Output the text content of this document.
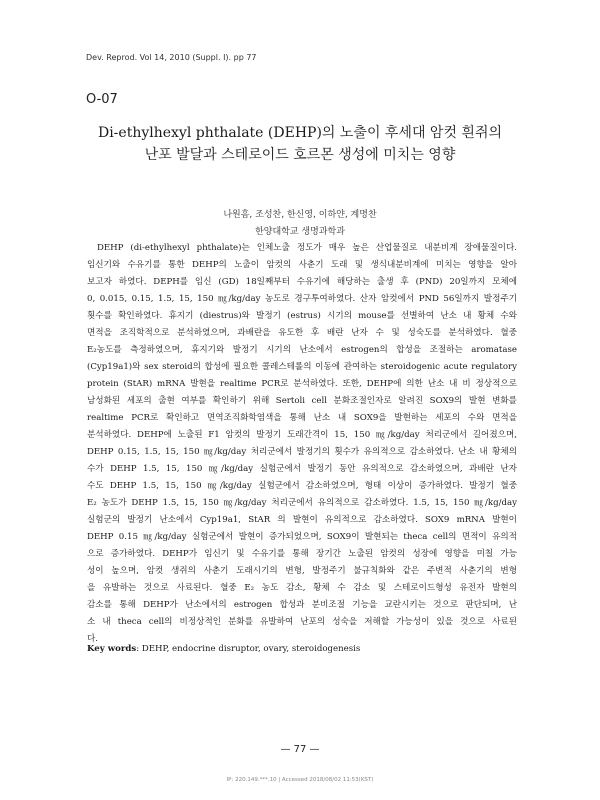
Dev. Reprod. Vol 14, 2010 (Suppl. I). pp 77
O-07
Di-ethylhexyl phthalate (DEHP)의 노출이 후세대 암컷 흰쥐의
난포 발달과 스테로이드 호르몬 생성에 미치는 영향
나원흠, 조성찬, 한신영, 이하얀, 계명찬
한양대학교 생명과학과
DEHP (di-ethylhexyl phthalate)는 인체노출 정도가 매우 높은 산업물질로 내분비계 장애물질이다.
임신기와 수유기를 통한 DEHP의 노출이 암컷의 사춘기 도래 및 생식내분비계에 미치는 영향을 알아
보고자 하였다. DEPH를 임신 (GD) 18일째부터 수유기에 해당하는 출생 후 (PND) 20일까지 모체에
0, 0.015, 0.15, 1.5, 15, 150 ㎎/kg/day 농도로 경구투여하였다. 산자 암컷에서 PND 56일까지 발정주기
횟수를 확인하였다. 휴지기 (diestrus)와 발정기 (estrus) 시기의 mouse를 선별하여 난소 내 황체 수와
면적을 조직학적으로 분석하였으며, 과배란을 유도한 후 배란 난자 수 및 성숙도를 분석하였다. 혈중
E₂농도를 측정하였으며, 휴지기와 발정기 시기의 난소에서 estrogen의 합성을 조절하는 aromatase
(Cyp19a1)와 sex steroid의 합성에 필요한 콜레스테롤의 이동에 관여하는 steroidogenic acute regulatory
protein (StAR) mRNA 발현을 realtime PCR로 분석하였다. 또한, DEHP에 의한 난소 내 비 정상적으로
남성화된 세포의 출현 여부를 확인하기 위해 Sertoli cell 분화조절인자로 알려진 SOX9의 발현 변화를
realtime PCR로 확인하고 면역조직화학염색을 통해 난소 내 SOX9을 발현하는 세포의 수와 면적을
분석하였다. DEHP에 노출된 F1 암컷의 발정기 도래간격이 15, 150 ㎎/kg/day 처리군에서 길어졌으며,
DEHP 0.15, 1.5, 15, 150 ㎎/kg/day 처리군에서 발정기의 횟수가 유의적으로 감소하였다. 난소 내 황체의
수가 DEHP 1.5, 15, 150 ㎎/kg/day 실험군에서 발정기 동안 유의적으로 감소하였으며, 과배란 난자
수도 DEHP 1.5, 15, 150 ㎎/kg/day 실험군에서 감소하였으며, 형태 이상이 증가하였다. 발정기 혈중
E₂ 농도가 DEHP 1.5, 15, 150 ㎎/kg/day 처리군에서 유의적으로 감소하였다. 1.5, 15, 150 ㎎/kg/day
실험군의 발정기 난소에서 Cyp19a1, StAR 의 발현이 유의적으로 감소하였다. SOX9 mRNA 발현이
DEHP 0.15 ㎎/kg/day 실험군에서 발현이 증가되었으며, SOX9이 발현되는 theca cell의 면적이 유의적
으로 증가하였다. DEHP가 임신기 및 수유기를 통해 장기간 노출된 암컷의 성장에 영향을 미칠 가능
성이 높으며, 암컷 생쥐의 사춘기 도래시기의 변형, 발정주기 불규칙화와 같은 주변적 사춘기의 변형
을 유발하는 것으로 사료된다. 혈중 E₂ 농도 감소, 황체 수 감소 및 스테로이드형성 유전자 발현의
감소를 통해 DEHP가 난소에서의 estrogen 합성과 분비조절 기능을 교란시키는 것으로 판단되며, 난
소 내 theca cell의 비정상적인 분화를 유발하여 난포의 성숙을 저해할 가능성이 있을 것으로 사료된
다.
Key words: DEHP, endocrine disruptor, ovary, steroidogenesis
— 77 —
IP: 220.149.***.10 | Accessed 2018/08/02 11:53(KST)
